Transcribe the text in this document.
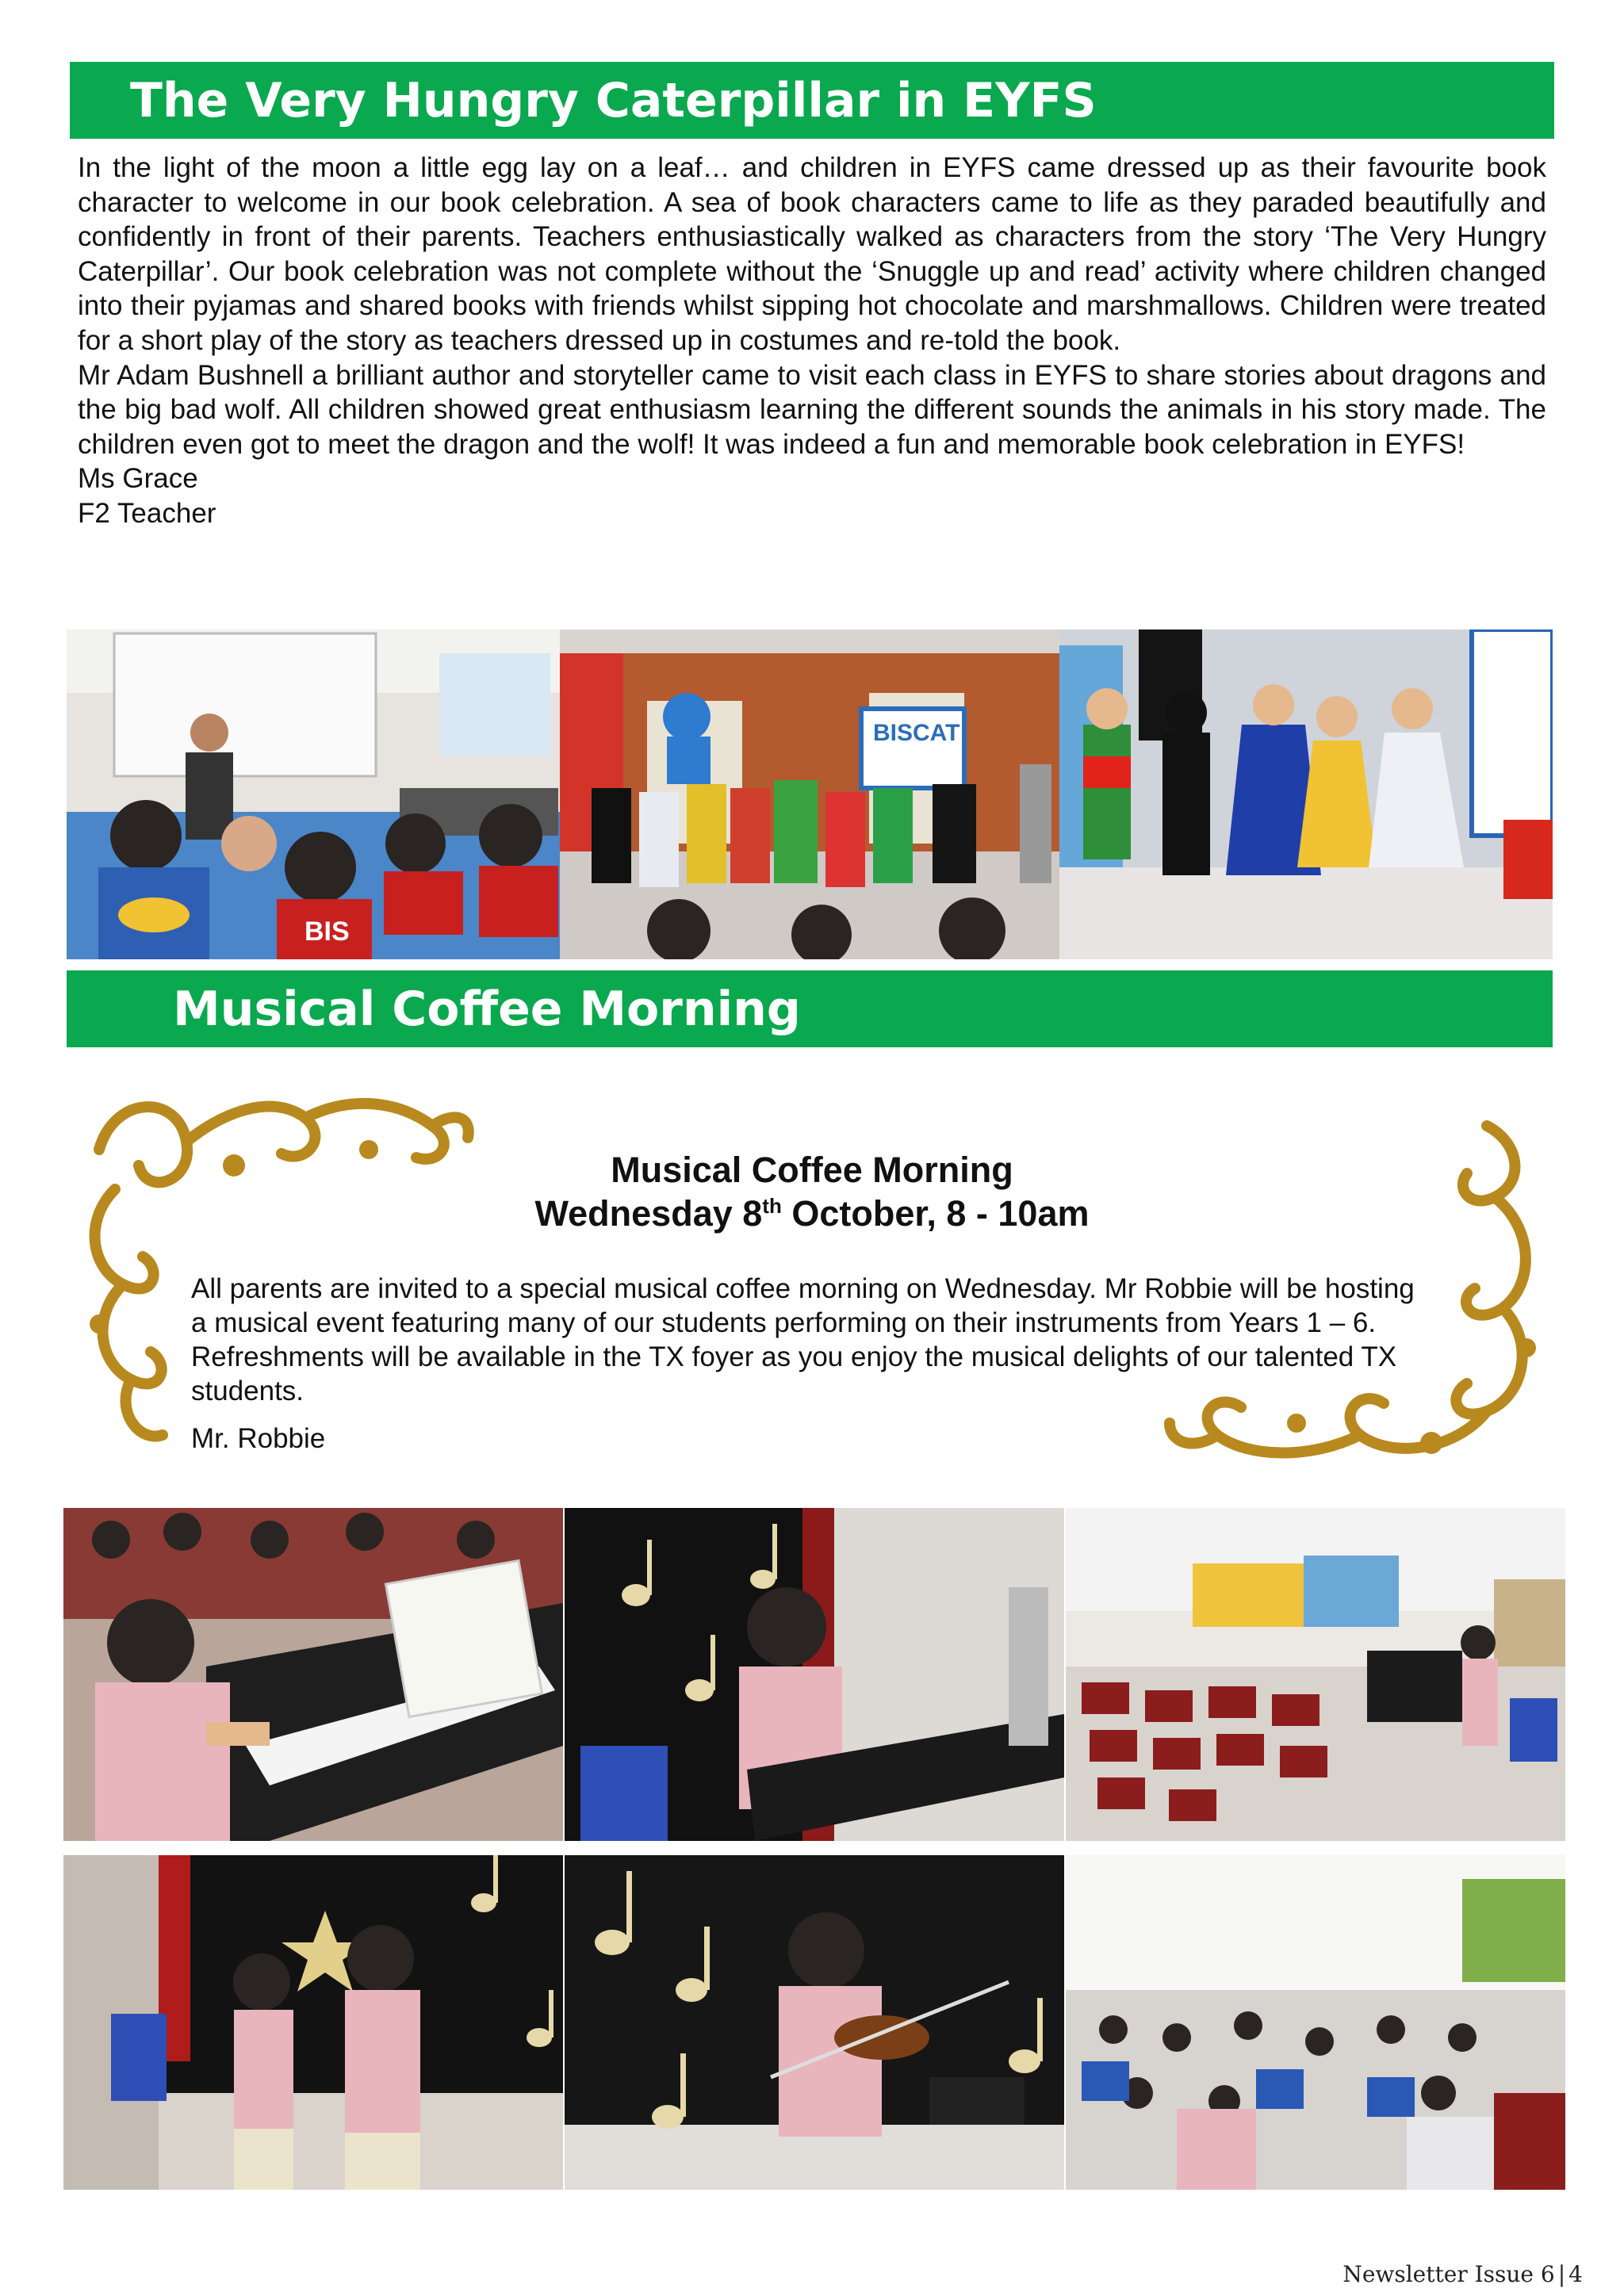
The Very Hungry Caterpillar in EYFS

In the light of the moon a little egg lay on a leaf… and children in EYFS came dressed up as their favourite book character to welcome in our book celebration. A sea of book characters came to life as they paraded beautifully and confidently in front of their parents. Teachers enthusiastically walked as characters from the story ‘The Very Hungry Caterpillar’. Our book celebration was not complete without the ‘Snuggle up and read’ activity where children changed into their pyjamas and shared books with friends whilst sipping hot chocolate and marshmallows. Children were treated for a short play of the story as teachers dressed up in costumes and re-told the book.

Mr Adam Bushnell a brilliant author and storyteller came to visit each class in EYFS to share stories about dragons and the big bad wolf. All children showed great enthusiasm learning the different sounds the animals in his story made. The children even got to meet the dragon and the wolf! It was indeed a fun and memorable book celebration in EYFS!

Ms Grace

F2 Teacher

BIS
BISCAT
Musical Coffee Morning
Musical Coffee Morning
Wednesday 8th October, 8 - 10am
All parents are invited to a special musical coffee morning on Wednesday. Mr Robbie will be hosting a musical event featuring many of our students performing on their instruments from Years 1 – 6. Refreshments will be available in the TX foyer as you enjoy the musical delights of our talented TX students.
Mr. Robbie
Newsletter Issue 6 | 4
